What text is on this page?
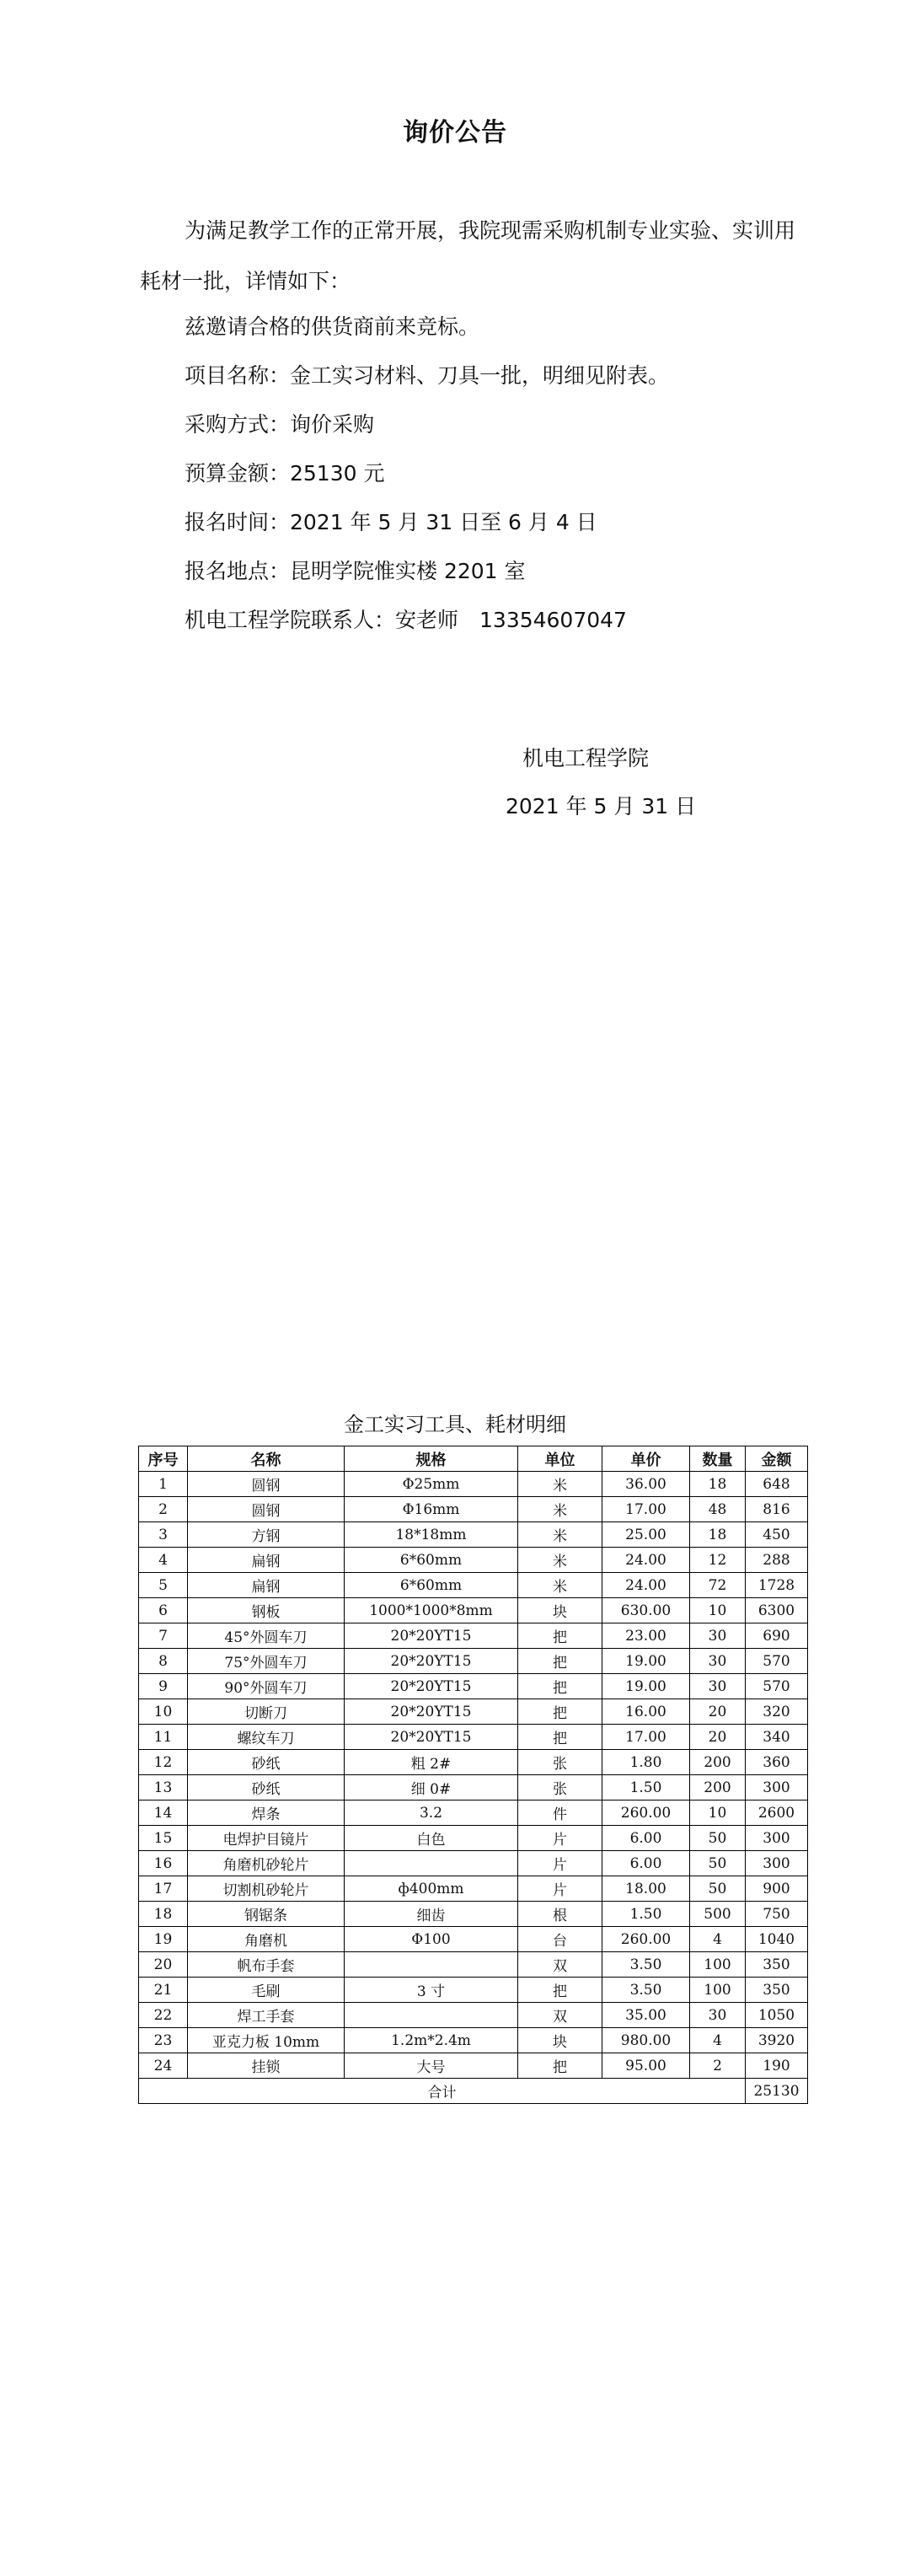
询价公告
为满足教学工作的正常开展，我院现需采购机制专业实验、实训用耗材一批，详情如下：
兹邀请合格的供货商前来竞标。
项目名称：金工实习材料、刀具一批，明细见附表。
采购方式：询价采购
预算金额：25130 元
报名时间：2021 年 5 月 31 日至 6 月 4 日
报名地点：昆明学院惟实楼 2201 室
机电工程学院联系人：安老师　13354607047
机电工程学院
2021 年 5 月 31 日
金工实习工具、耗材明细
序号	名称	规格	单位	单价	数量	金额
1	圆钢	Φ25mm	米	36.00	18	648
2	圆钢	Φ16mm	米	17.00	48	816
3	方钢	18*18mm	米	25.00	18	450
4	扁钢	6*60mm	米	24.00	12	288
5	扁钢	6*60mm	米	24.00	72	1728
6	钢板	1000*1000*8mm	块	630.00	10	6300
7	45°外圆车刀	20*20YT15	把	23.00	30	690
8	75°外圆车刀	20*20YT15	把	19.00	30	570
9	90°外圆车刀	20*20YT15	把	19.00	30	570
10	切断刀	20*20YT15	把	16.00	20	320
11	螺纹车刀	20*20YT15	把	17.00	20	340
12	砂纸	粗 2#	张	1.80	200	360
13	砂纸	细 0#	张	1.50	200	300
14	焊条	3.2	件	260.00	10	2600
15	电焊护目镜片	白色	片	6.00	50	300
16	角磨机砂轮片		片	6.00	50	300
17	切割机砂轮片	ф400mm	片	18.00	50	900
18	钢锯条	细齿	根	1.50	500	750
19	角磨机	Φ100	台	260.00	4	1040
20	帆布手套		双	3.50	100	350
21	毛刷	3 寸	把	3.50	100	350
22	焊工手套		双	35.00	30	1050
23	亚克力板 10mm	1.2m*2.4m	块	980.00	4	3920
24	挂锁	大号	把	95.00	2	190
合计						25130
